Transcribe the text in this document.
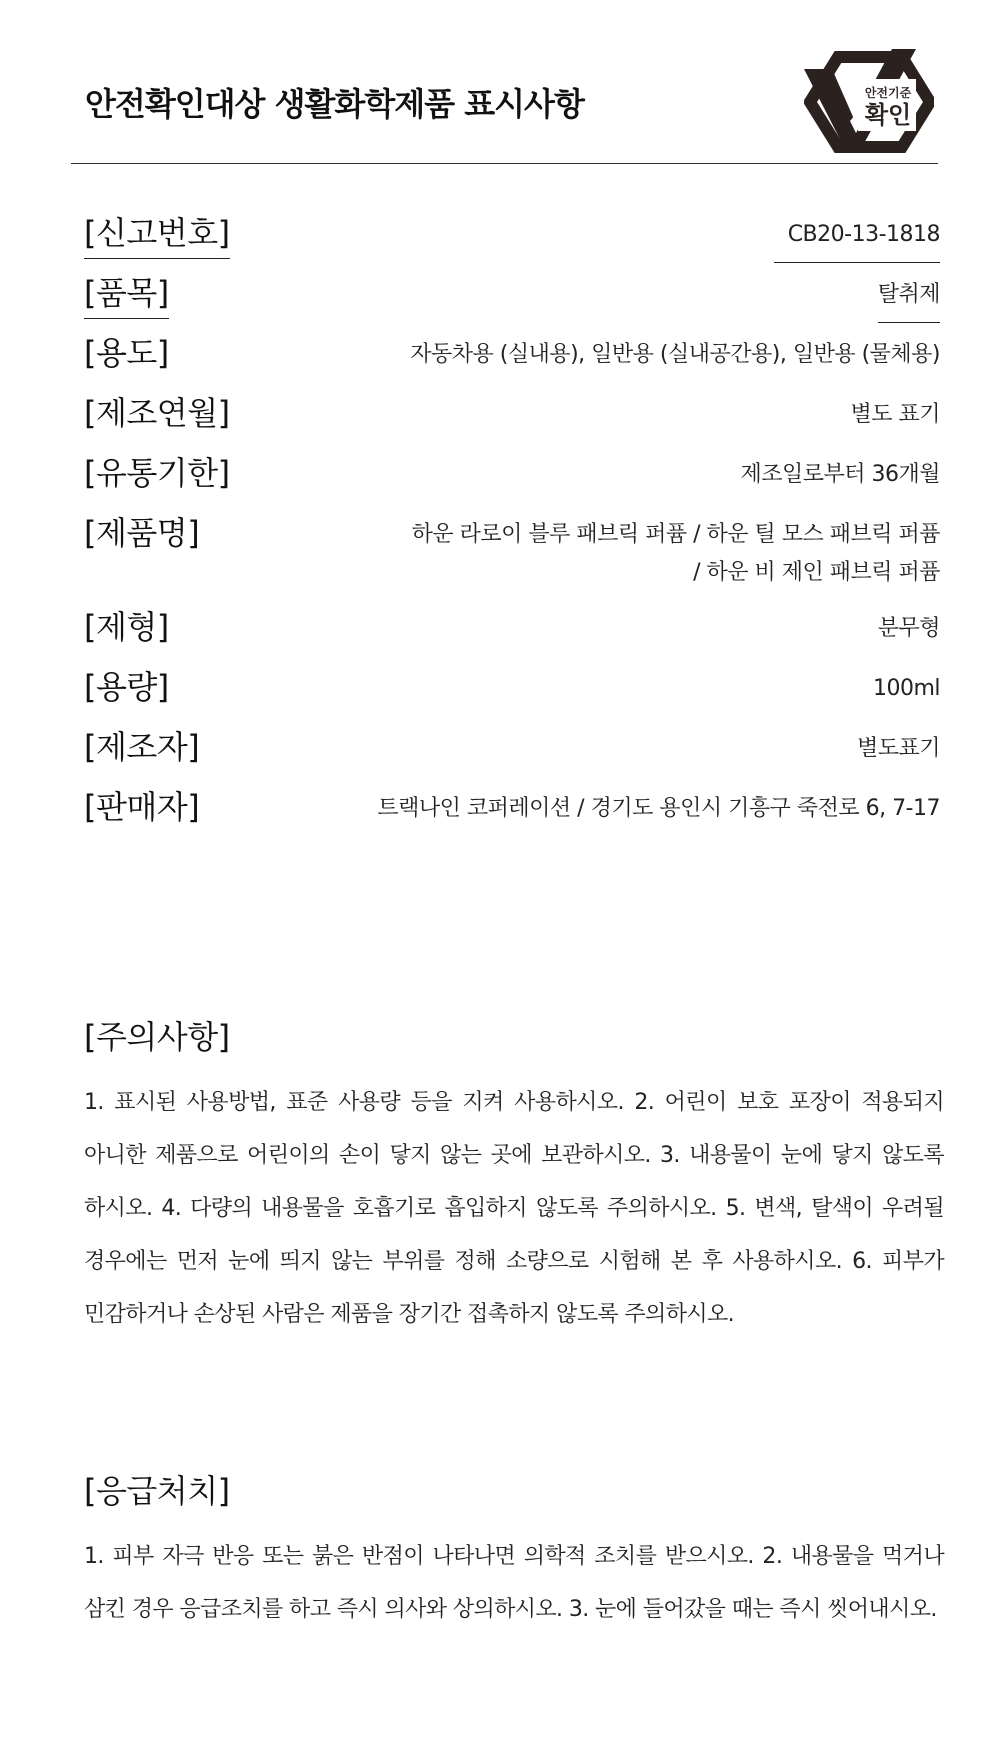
안전확인대상 생활화학제품 표시사항	안전기준
확인
[신고번호]	CB20-13-1818
[품목]	탈취제
[용도]	자동차용 (실내용), 일반용 (실내공간용), 일반용 (물체용)
[제조연월]	별도 표기
[유통기한]	제조일로부터 36개월
[제품명]	하운 라로이 블루 패브릭 퍼퓸 / 하운 틸 모스 패브릭 퍼퓸
/ 하운 비 제인 패브릭 퍼퓸
[제형]	분무형
[용량]	100ml
[제조자]	별도표기
[판매자]	트랙나인 코퍼레이션 / 경기도 용인시 기흥구 죽전로 6, 7-17
[주의사항]
1. 표시된 사용방법, 표준 사용량 등을 지켜 사용하시오. 2. 어린이 보호 포장이 적용되지 아니한 제품으로 어린이의 손이 닿지 않는 곳에 보관하시오. 3. 내용물이 눈에 닿지 않도록 하시오. 4. 다량의 내용물을 호흡기로 흡입하지 않도록 주의하시오. 5. 변색, 탈색이 우려될 경우에는 먼저 눈에 띄지 않는 부위를 정해 소량으로 시험해 본 후 사용하시오. 6. 피부가 민감하거나 손상된 사람은 제품을 장기간 접촉하지 않도록 주의하시오.
[응급처치]
1. 피부 자극 반응 또는 붉은 반점이 나타나면 의학적 조치를 받으시오. 2. 내용물을 먹거나 삼킨 경우 응급조치를 하고 즉시 의사와 상의하시오. 3. 눈에 들어갔을 때는 즉시 씻어내시오.
